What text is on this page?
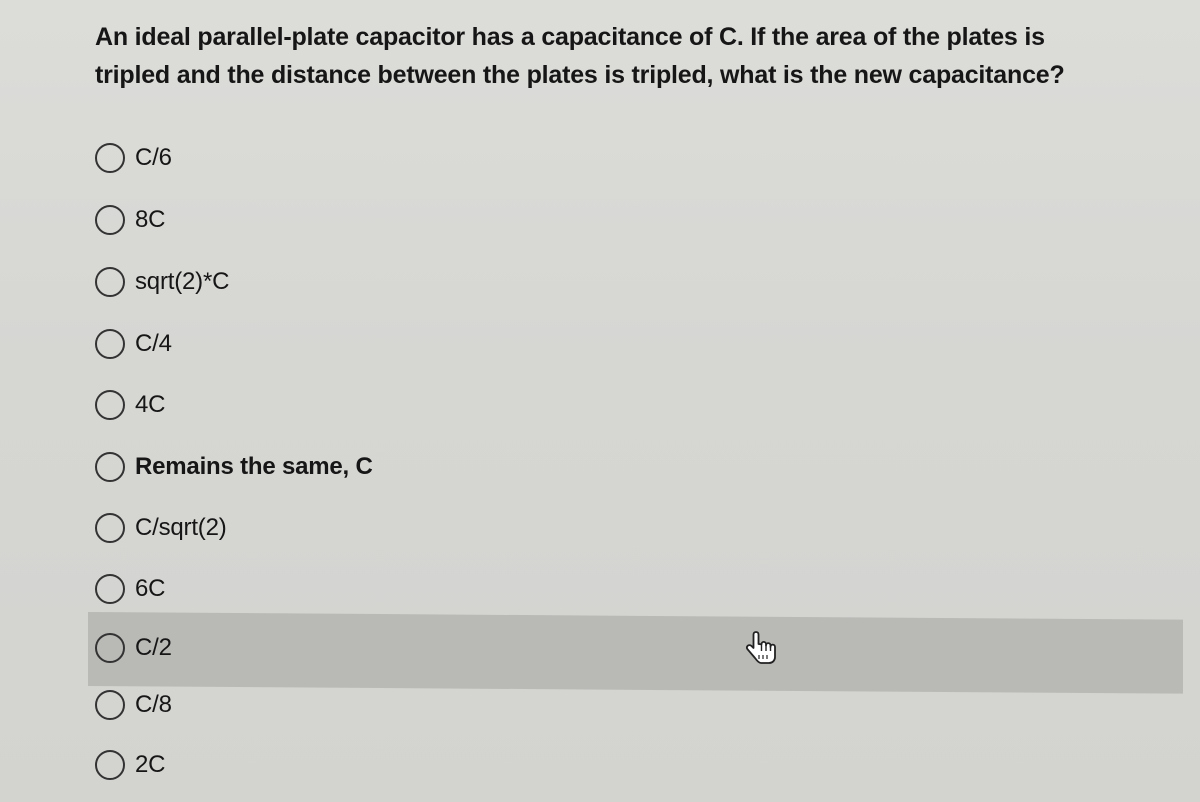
An ideal parallel-plate capacitor has a capacitance of C. If the area of the plates is
tripled and the distance between the plates is tripled, what is the new capacitance?
C/6
8C
sqrt(2)*C
C/4
4C
Remains the same, C
C/sqrt(2)
6C
C/2
C/8
2C
